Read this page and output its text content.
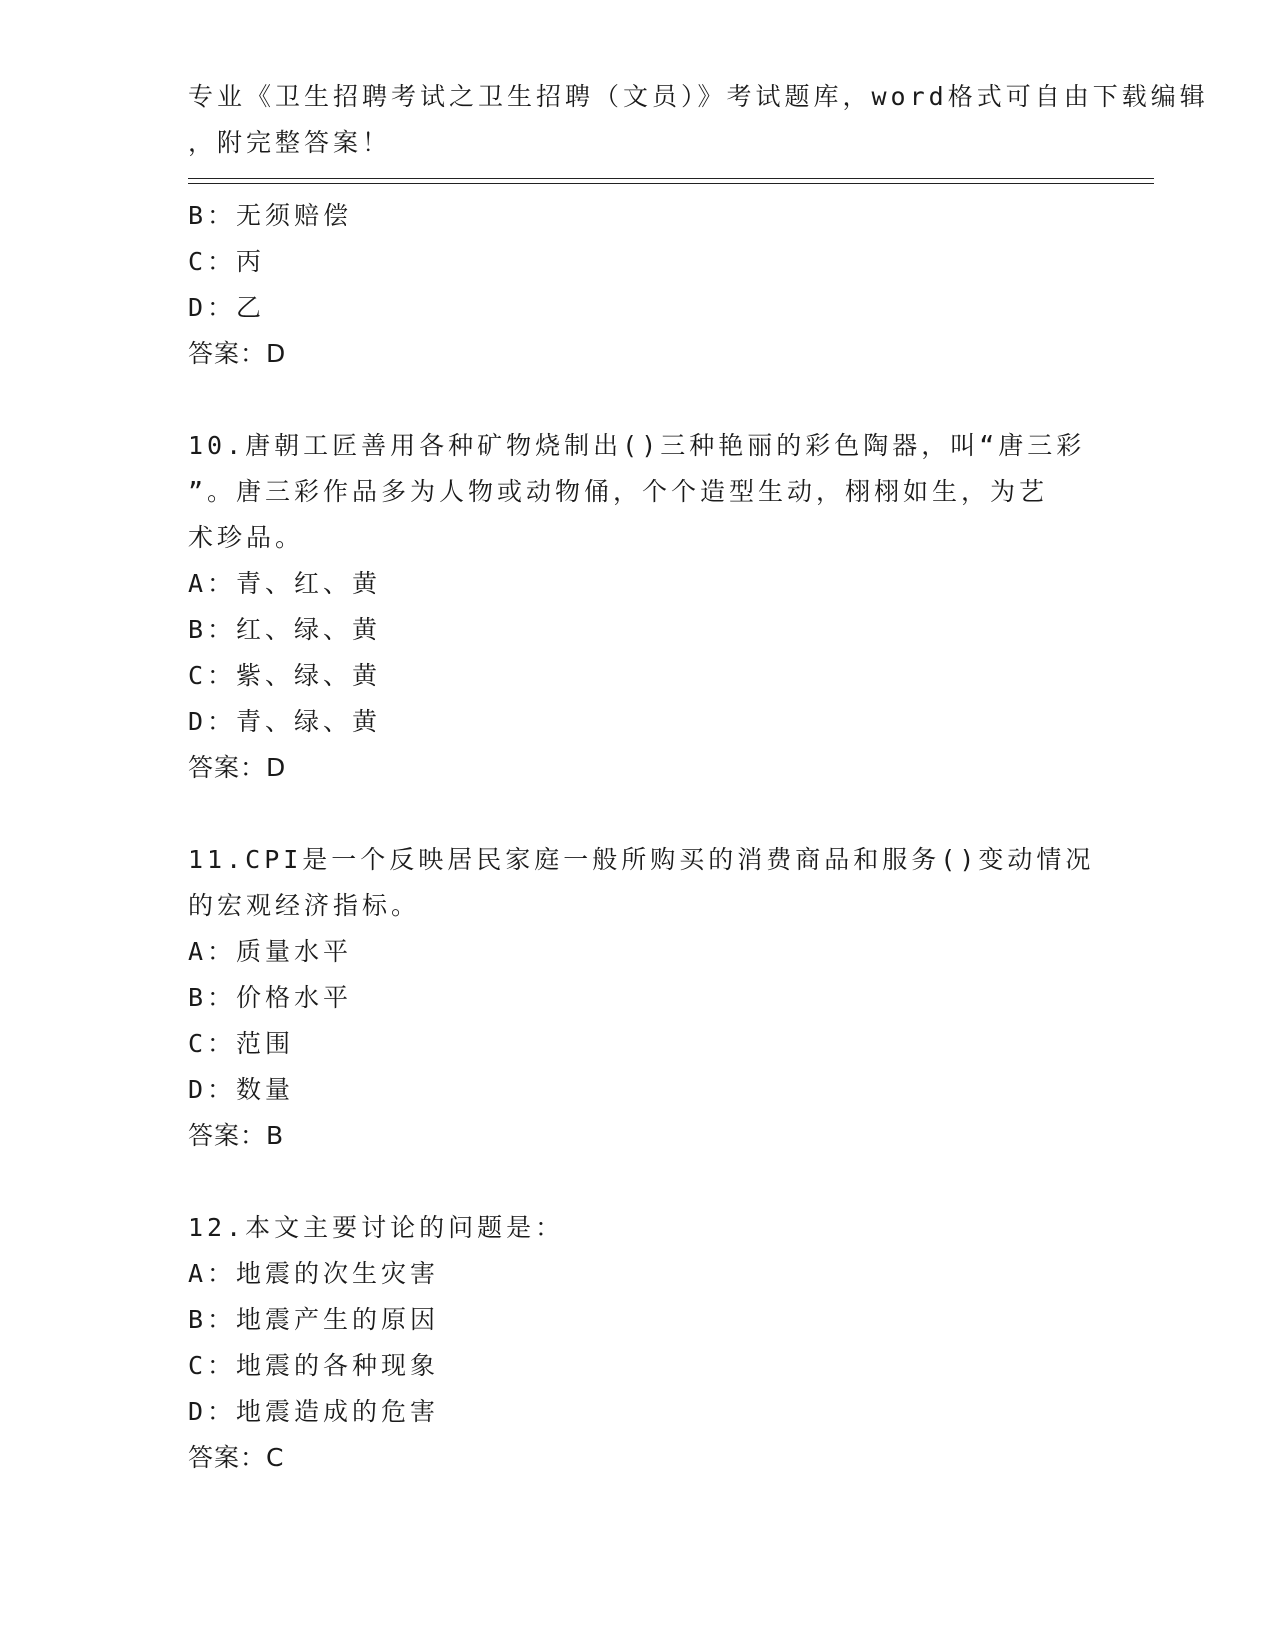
专业《卫生招聘考试之卫生招聘（文员）》考试题库，word格式可自由下载编辑
，附完整答案！
B：无须赔偿
C：丙
D：乙
答案：D
10.唐朝工匠善用各种矿物烧制出()三种艳丽的彩色陶器，叫“唐三彩
”。唐三彩作品多为人物或动物俑，个个造型生动，栩栩如生，为艺
术珍品。
A：青、红、黄
B：红、绿、黄
C：紫、绿、黄
D：青、绿、黄
答案：D
11.CPI是一个反映居民家庭一般所购买的消费商品和服务()变动情况
的宏观经济指标。
A：质量水平
B：价格水平
C：范围
D：数量
答案：B
12.本文主要讨论的问题是：
A：地震的次生灾害
B：地震产生的原因
C：地震的各种现象
D：地震造成的危害
答案：C
